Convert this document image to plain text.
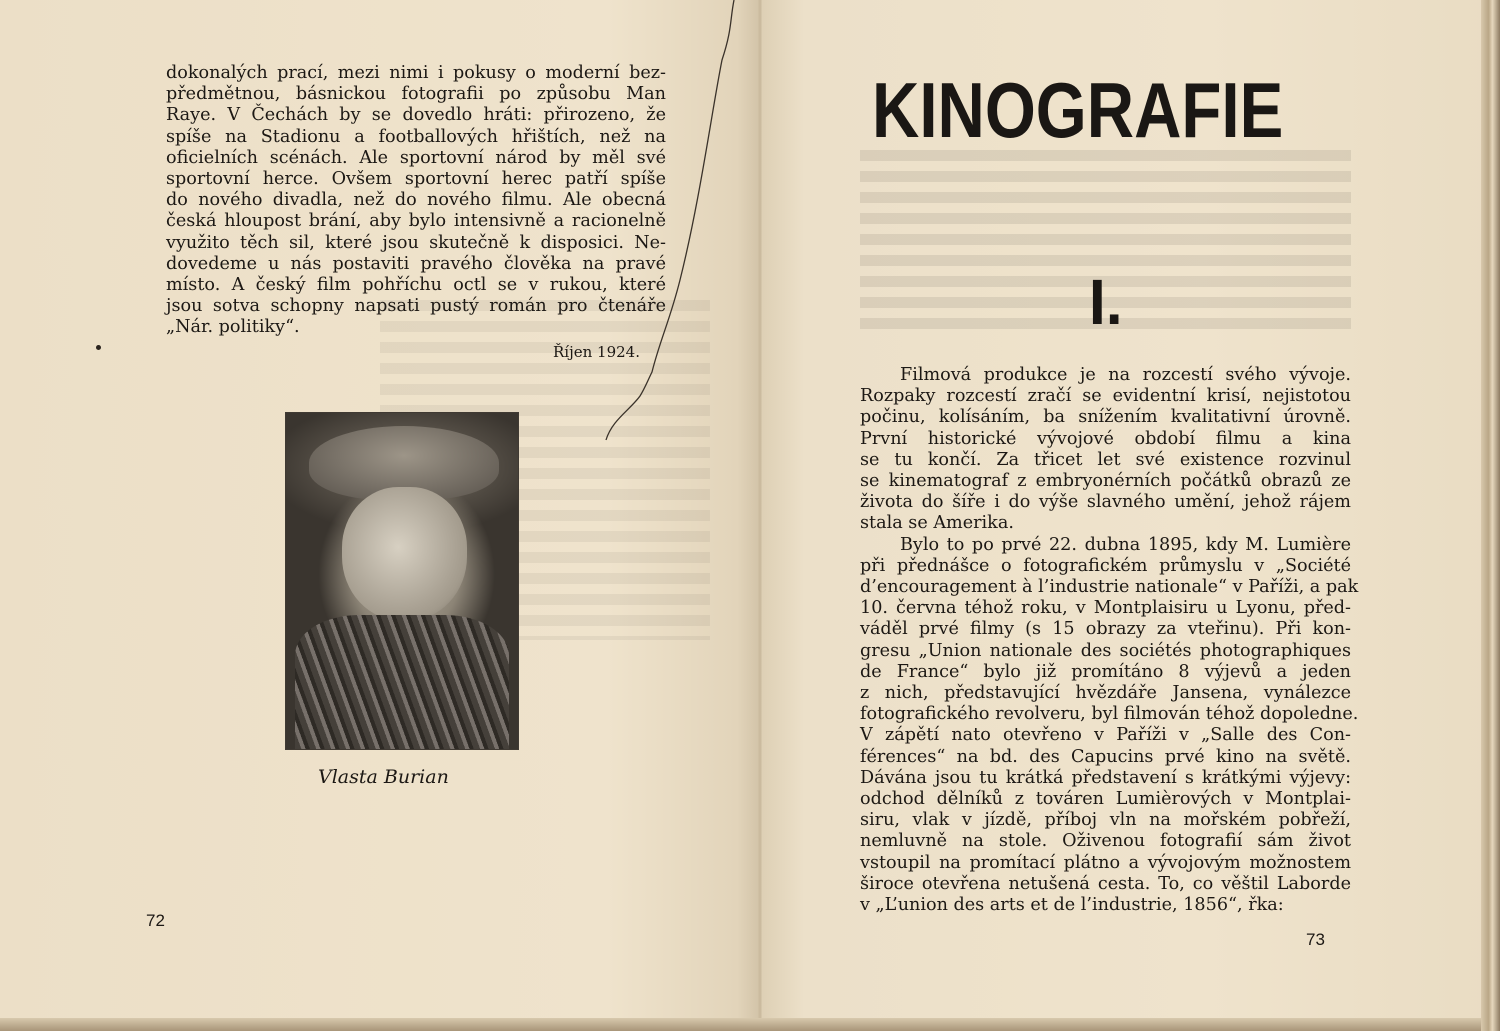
dokonalých prací, mezi nimi i pokusy o moderní bez-
předmětnou, básnickou fotografii po způsobu Man
Raye. V Čechách by se dovedlo hráti: přirozeno, že
spíše na Stadionu a footballových hřištích, než na
oficielních scénách. Ale sportovní národ by měl své
sportovní herce. Ovšem sportovní herec patří spíše
do nového divadla, než do nového filmu. Ale obecná
česká hloupost brání, aby bylo intensivně a racionelně
využito těch sil, které jsou skutečně k disposici. Ne-
dovedeme u nás postaviti pravého člověka na pravé
místo. A český film pohříchu octl se v rukou, které
jsou sotva schopny napsati pustý román pro čtenáře
„Nár. politiky“.
Říjen 1924.
Vlasta Burian
72
KINOGRAFIE
I.
Filmová produkce je na rozcestí svého vývoje.
Rozpaky rozcestí zračí se evidentní krisí, nejistotou
počinu, kolísáním, ba snížením kvalitativní úrovně.
První historické vývojové období filmu a kina
se tu končí. Za třicet let své existence rozvinul
se kinematograf z embryonérních počátků obrazů ze
života do šíře i do výše slavného umění, jehož rájem
stala se Amerika.
Bylo to po prvé 22. dubna 1895, kdy M. Lumière
při přednášce o fotografickém průmyslu v „Société
d’encouragement à l’industrie nationale“ v Paříži, a pak
10. června téhož roku, v Montplaisiru u Lyonu, před-
váděl prvé filmy (s 15 obrazy za vteřinu). Při kon-
gresu „Union nationale des sociétés photographiques
de France“ bylo již promítáno 8 výjevů a jeden
z nich, představující hvězdáře Jansena, vynálezce
fotografického revolveru, byl filmován téhož dopoledne.
V zápětí nato otevřeno v Paříži v „Salle des Con-
férences“ na bd. des Capucins prvé kino na světě.
Dávána jsou tu krátká představení s krátkými výjevy:
odchod dělníků z továren Lumièrových v Montplai-
siru, vlak v jízdě, příboj vln na mořském pobřeží,
nemluvně na stole. Oživenou fotografií sám život
vstoupil na promítací plátno a vývojovým možnostem
široce otevřena netušená cesta. To, co věštil Laborde
v „L’union des arts et de l’industrie, 1856“, řka:
73
